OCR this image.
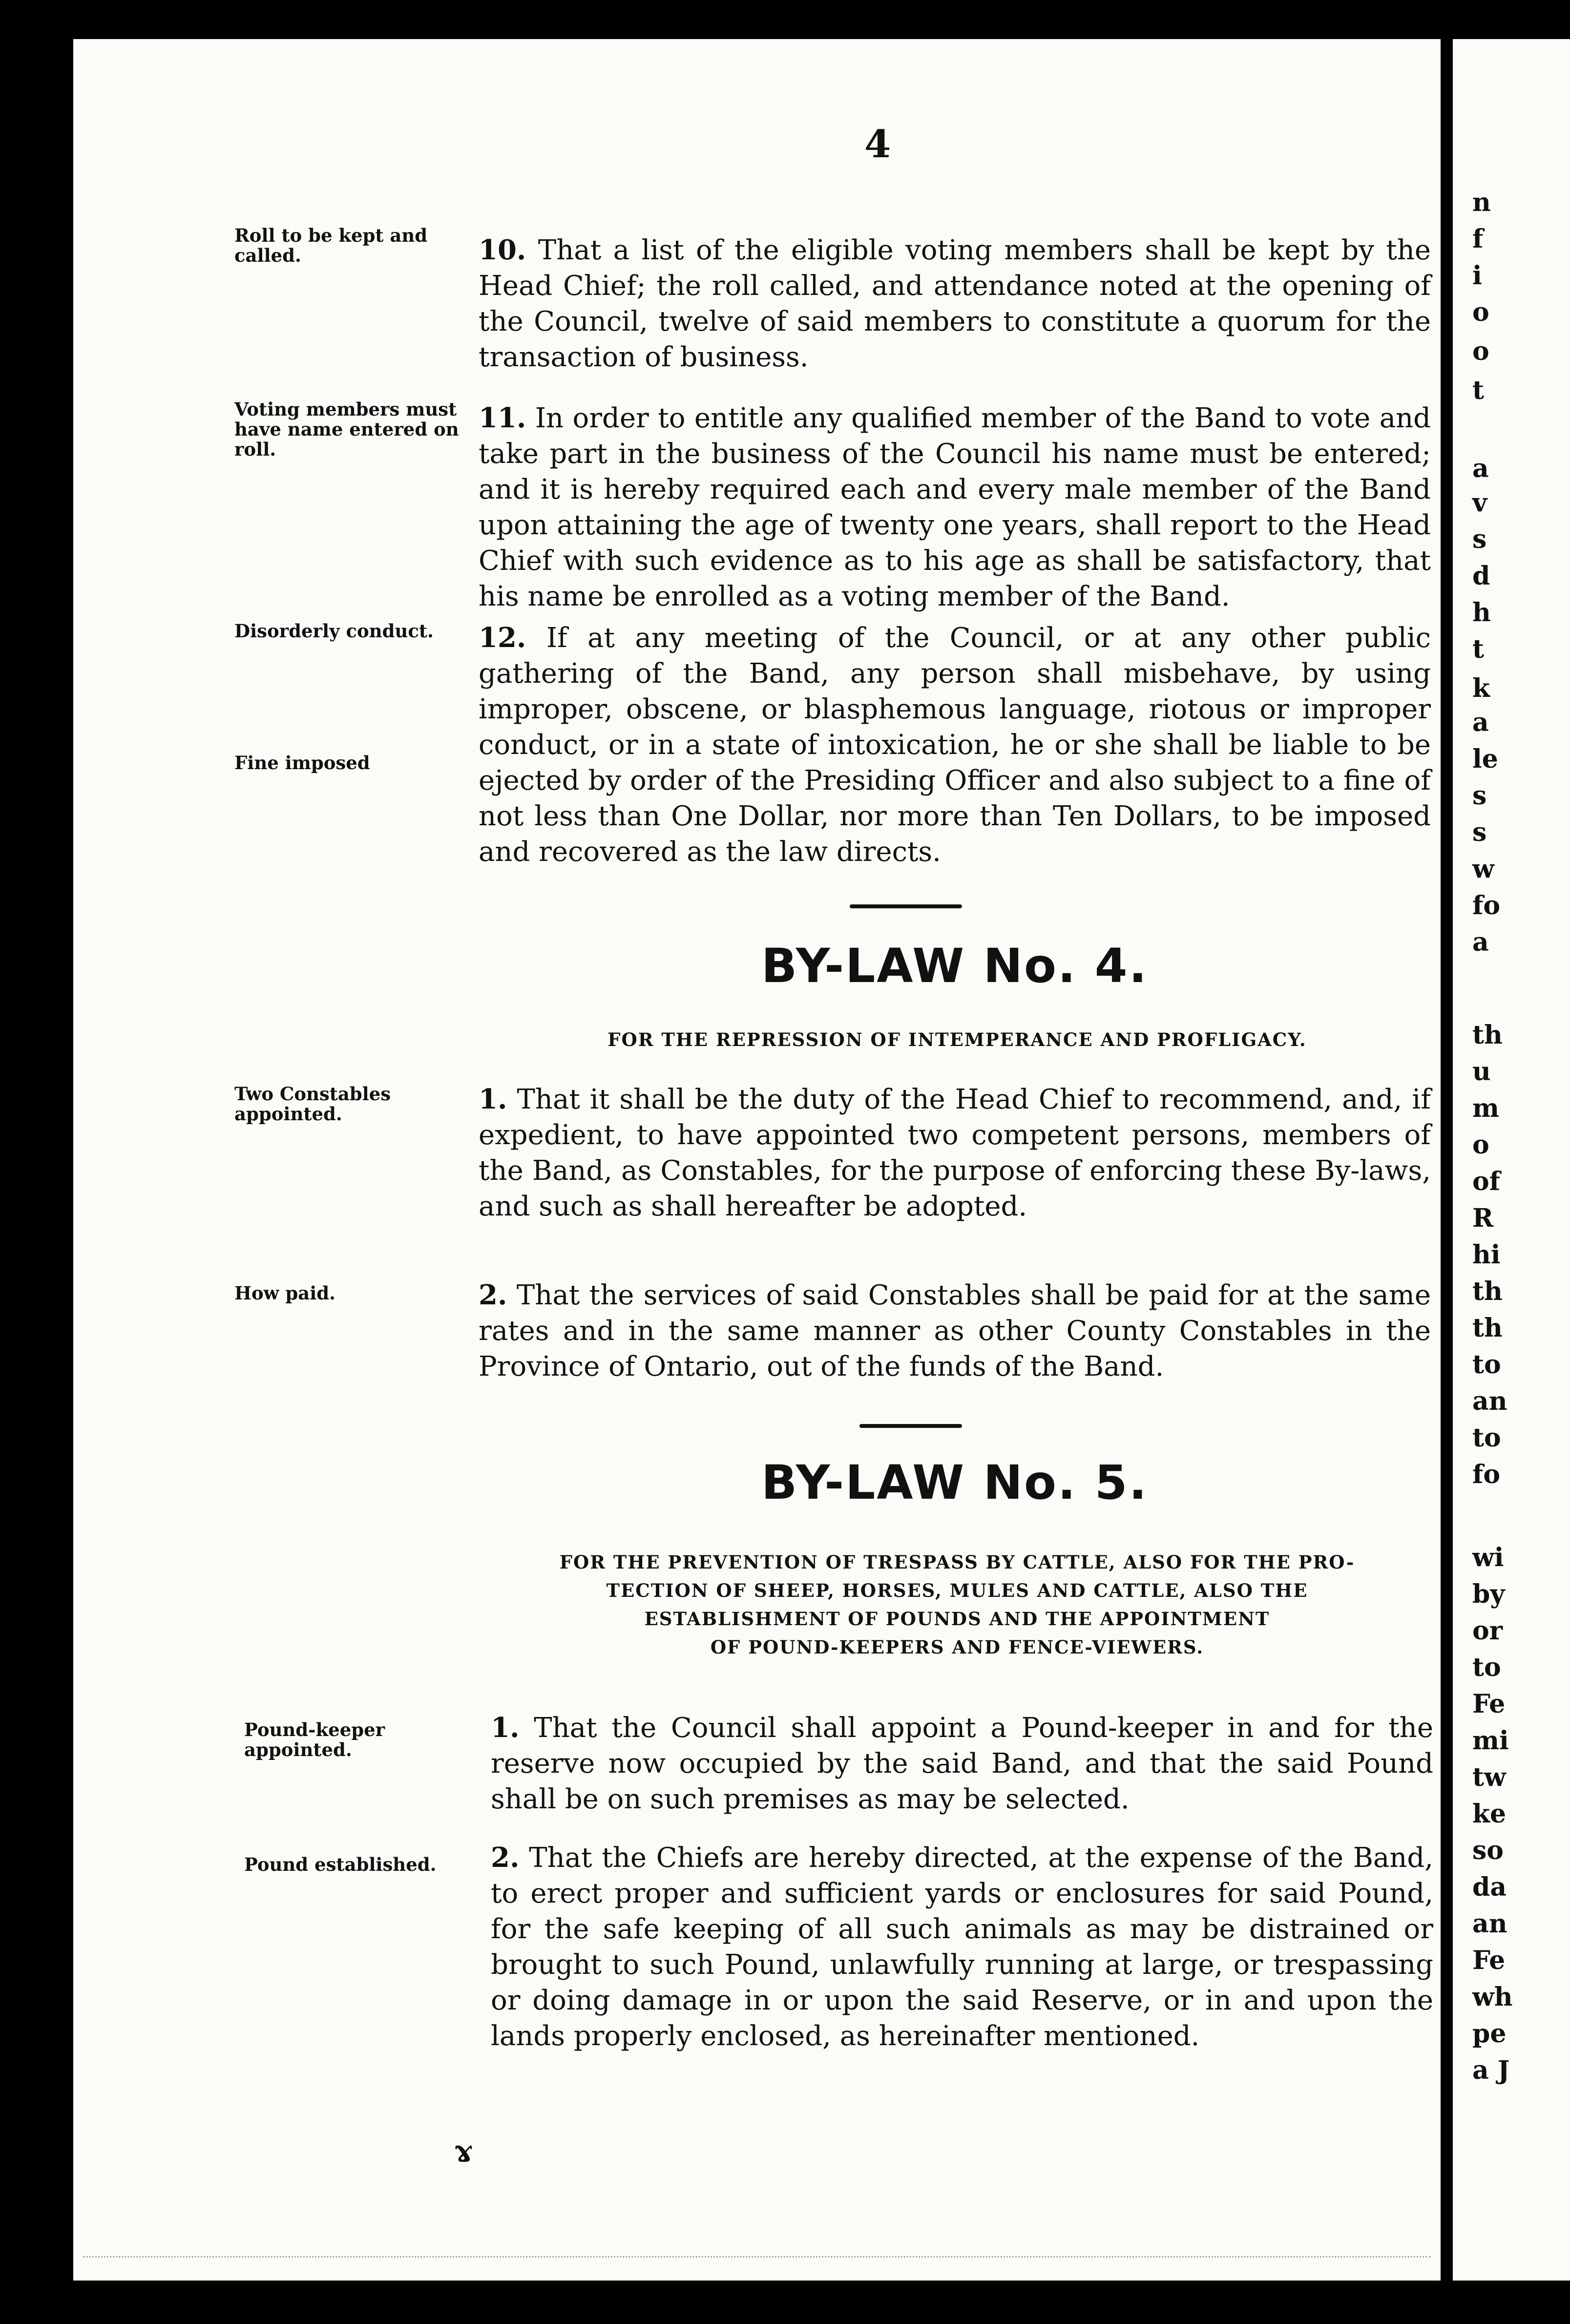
4
Roll to be kept and called.	10. That a list of the eligible voting members shall be kept by the Head Chief; the roll called, and attendance noted at the opening of the Council, twelve of said members to constitute a quorum for the transaction of business.
Voting members must have name entered on roll.
11. In order to entitle any qualified member of the Band to vote and take part in the business of the Council his name must be entered; and it is hereby required each and every male member of the Band upon attaining the age of twenty one years, shall report to the Head Chief with such evidence as to his age as shall be satisfactory, that his name be enrolled as a voting member of the Band.
Disorderly conduct.
Fine imposed
12. If at any meeting of the Council, or at any other public gathering of the Band, any person shall misbehave, by using improper, obscene, or blasphemous language, riotous or improper conduct, or in a state of intoxication, he or she shall be liable to be ejected by order of the Presiding Officer and also subject to a fine of not less than One Dollar, nor more than Ten Dollars, to be imposed and recovered as the law directs.
BY-LAW No. 4.
FOR THE REPRESSION OF INTEMPERANCE AND PROFLIGACY.
Two Constables appointed.	1. That it shall be the duty of the Head Chief to recommend, and, if expedient, to have appointed two competent persons, members of the Band, as Constables, for the purpose of enforcing these By-laws, and such as shall hereafter be adopted.
How paid.	2. That the services of said Constables shall be paid for at the same rates and in the same manner as other County Constables in the Province of Ontario, out of the funds of the Band.
BY-LAW No. 5.
FOR THE PREVENTION OF TRESPASS BY CATTLE, ALSO FOR THE PRO-
TECTION OF SHEEP, HORSES, MULES AND CATTLE, ALSO THE
ESTABLISHMENT OF POUNDS AND THE APPOINTMENT
OF POUND-KEEPERS AND FENCE-VIEWERS.
Pound-keeper appointed.
1. That the Council shall appoint a Pound-keeper in and for the reserve now occupied by the said Band, and that the said Pound shall be on such premises as may be selected.
Pound established.	2. That the Chiefs are hereby directed, at the expense of the Band, to erect proper and sufficient yards or enclosures for said Pound, for the safe keeping of all such animals as may be distrained or brought to such Pound, unlawfully running at large, or trespassing or doing damage in or upon the said Reserve, or in and upon the lands properly enclosed, as hereinafter mentioned.
ɤ
n
f
i
o
o
t
a
v
s
d
h
t
k
a
le
s
s
w
fo
a
th
u
m
o
of
R
hi
th
th
to
an
to
fo
wi
by
or
to
Fe
mi
tw
ke
so
da
an
Fe
wh
pe
a J
